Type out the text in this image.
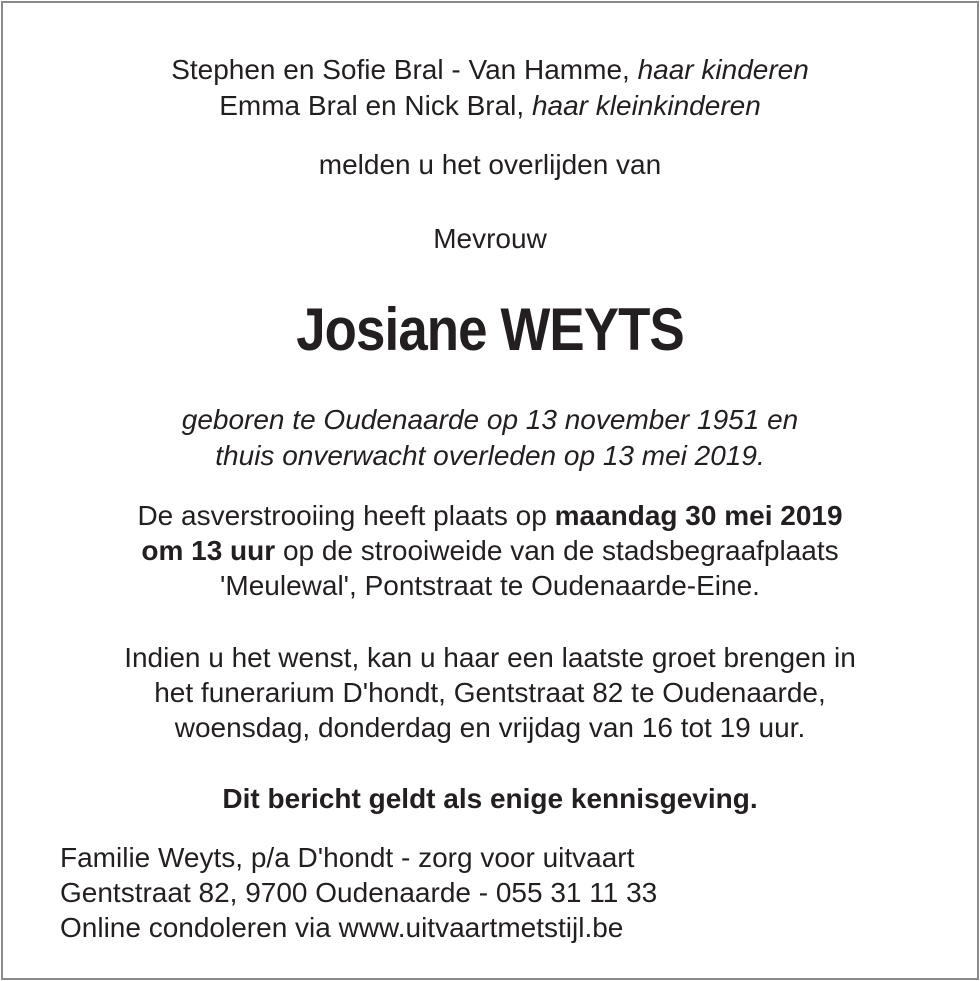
Stephen en Sofie Bral - Van Hamme, haar kinderen
Emma Bral en Nick Bral, haar kleinkinderen
melden u het overlijden van
Mevrouw
Josiane WEYTS
geboren te Oudenaarde op 13 november 1951 en
thuis onverwacht overleden op 13 mei 2019.
De asverstrooiing heeft plaats op maandag 30 mei 2019
om 13 uur op de strooiweide van de stadsbegraafplaats
'Meulewal', Pontstraat te Oudenaarde-Eine.
Indien u het wenst, kan u haar een laatste groet brengen in
het funerarium D'hondt, Gentstraat 82 te Oudenaarde,
woensdag, donderdag en vrijdag van 16 tot 19 uur.
Dit bericht geldt als enige kennisgeving.
Familie Weyts, p/a D'hondt - zorg voor uitvaart
Gentstraat 82, 9700 Oudenaarde - 055 31 11 33
Online condoleren via www.uitvaartmetstijl.be
